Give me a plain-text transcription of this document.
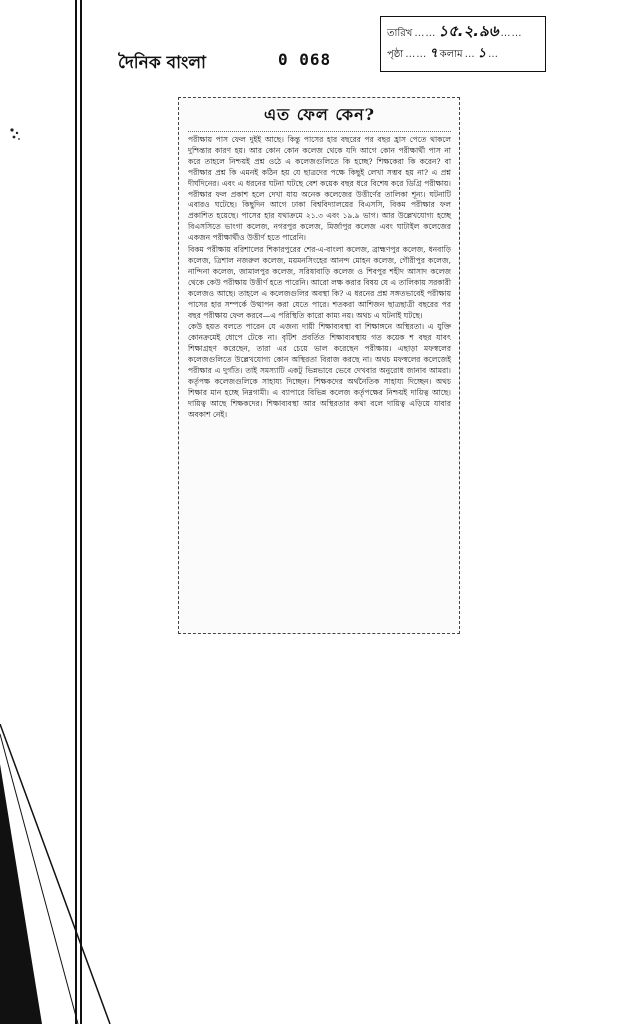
দৈনিক বাংলা	0 068
তারিখ …… ১৫.২.৯৬ ……
পৃষ্ঠা …… ৭ কলাম … ১ …
এত ফেল কেন?

পরীক্ষায় পাস ফেল দুইই আছে। কিন্তু পাসের হার বছরের পর বছর হ্রাস পেতে থাকলে দুশ্চিন্তার কারণ হয়। আর কোন কোন কলেজ থেকে যদি আগে কোন পরীক্ষার্থী পাস না করে তাহলে নিশ্চয়ই প্রশ্ন ওঠে এ কলেজগুলিতে কি হচ্ছে? শিক্ষকেরা কি করেন? বা পরীক্ষার প্রশ্ন কি এমনই কঠিন হয় যে ছাত্রদের পক্ষে কিছুই লেখা সম্ভব হয় না? এ প্রশ্ন দীর্ঘদিনের। এবং এ ধরনের ঘটনা ঘটছে বেশ কয়েক বছর ধরে বিশেষ করে ডিগ্রি পরীক্ষায়। পরীক্ষার ফল প্রকাশ হলে দেখা যায় অনেক কলেজের উত্তীর্ণের তালিকা শূন্য। ঘটনাটি এবারও ঘটেছে। কিছুদিন আগে ঢাকা বিশ্ববিদ্যালয়ের বিএসসি, বিকম পরীক্ষার ফল প্রকাশিত হয়েছে। পাসের হার যথাক্রমে ২১.৩ এবং ১৯.৯ ভাগ। আর উল্লেখযোগ্য হচ্ছে বিএসসিতে ভাংগা কলেজ, নগরপুর কলেজ, মির্জাপুর কলেজ এবং ঘাটাইল কলেজের একজন পরীক্ষার্থীও উত্তীর্ণ হতে পারেনি।

বিকম পরীক্ষায় বরিশালের শিকারপুরের শের-এ-বাংলা কলেজ, ব্রাহ্মণপুর কলেজ, ধনবাড়ি কলেজ, ত্রিশাল নজরুল কলেজ, ময়মনসিংহের আনন্দ মোহন কলেজ, গৌরীপুর কলেজ, নান্দিনা কলেজ, জামালপুর কলেজ, সরিষাবাড়ি কলেজ ও শিবপুর শহীদ আসাদ কলেজ থেকে কেউ পরীক্ষায় উত্তীর্ণ হতে পারেনি। আরো লক্ষ করার বিষয় যে এ তালিকায় সরকারী কলেজও আছে। তাহলে এ কলেজগুলির অবস্থা কি? এ ধরনের প্রশ্ন সঙ্গতভাবেই পরীক্ষায় পাসের হার সম্পর্কে উত্থাপন করা যেতে পারে। শতকরা আশিজন ছাত্রছাত্রী বছরের পর বছর পরীক্ষায় ফেল করবে—এ পরিস্থিতি কারো কাম্য নয়। অথচ এ ঘটনাই ঘটছে।

কেউ হয়ত বলতে পারেন যে এজন্য দায়ী শিক্ষাব্যবস্থা বা শিক্ষাঙ্গনে অস্থিরতা। এ যুক্তি কোনক্রমেই ধোপে টেকে না। বৃটিশ প্রবর্তিত শিক্ষাব্যবস্থায় গত কয়েক শ বছর যাবৎ শিক্ষাগ্রহণ করেছেন, তারা এর চেয়ে ভাল করেছেন পরীক্ষায়। এছাড়া মফস্বলের কলেজগুলিতে উল্লেখযোগ্য কোন অস্থিরতা বিরাজ করছে না। অথচ মফস্বলের কলেজেই পরীক্ষার এ দুর্গতি। তাই সমস্যাটি একটু ভিন্নভাবে ভেবে দেখবার অনুরোধ জানাব আমরা। কর্তৃপক্ষ কলেজগুলিকে সাহায্য দিচ্ছেন। শিক্ষকদের অর্থনৈতিক সাহায্য দিচ্ছেন। অথচ শিক্ষার মান হচ্ছে নিম্নগামী। এ ব্যাপারে বিভিন্ন কলেজ কর্তৃপক্ষের নিশ্চয়ই দায়িত্ব আছে। দায়িত্ব আছে শিক্ষকদের। শিক্ষাব্যবস্থা আর অস্থিরতার কথা বলে দায়িত্ব এড়িয়ে যাবার অবকাশ নেই।
